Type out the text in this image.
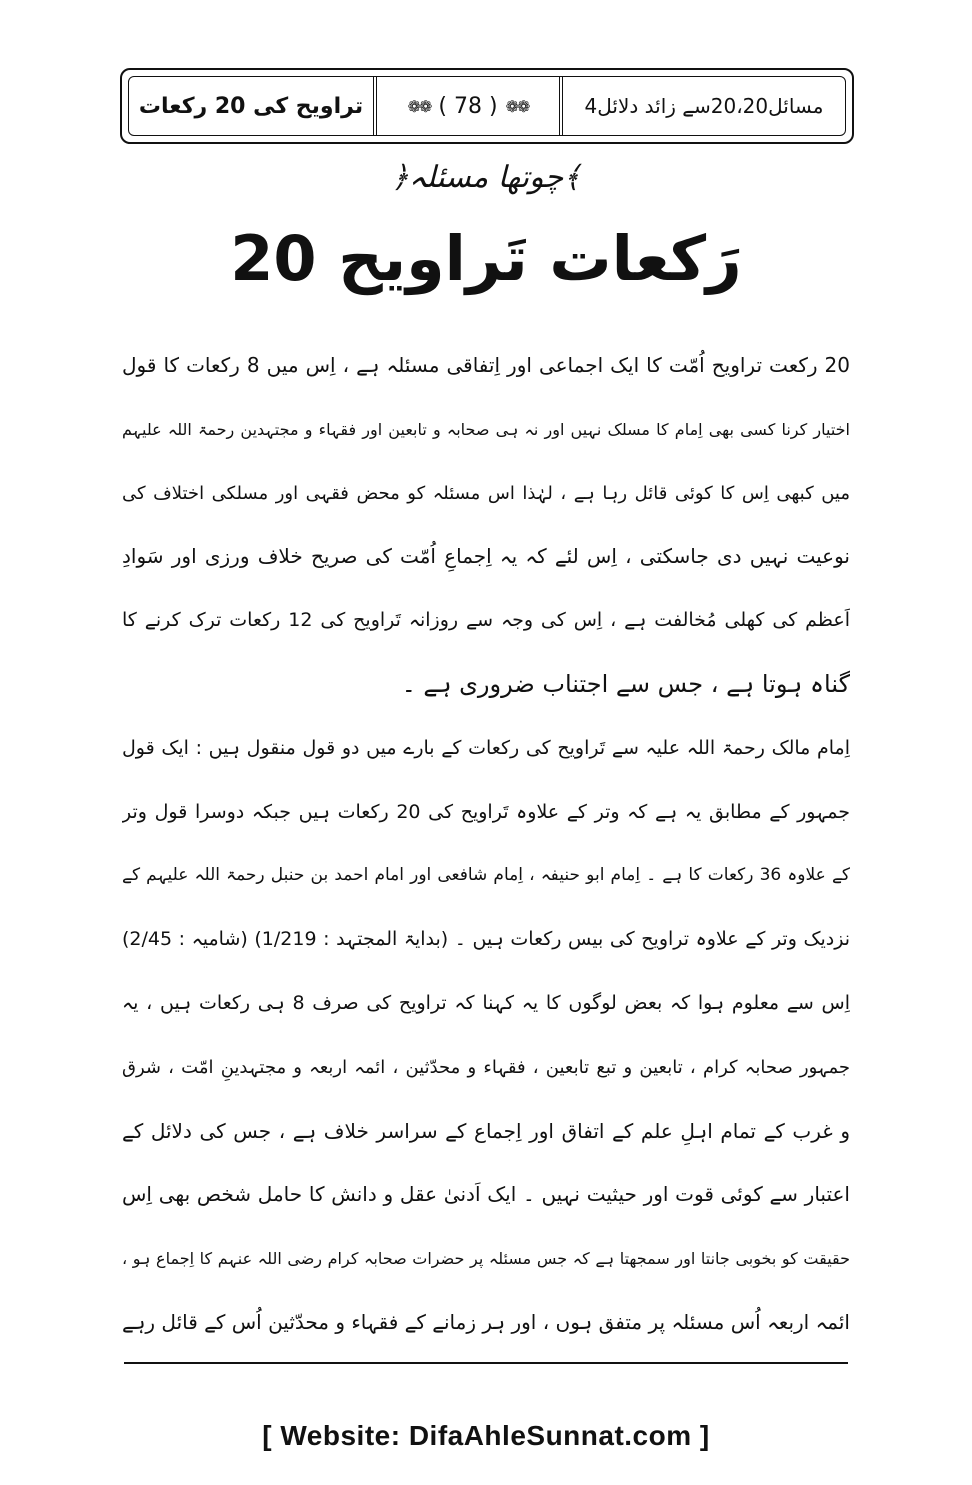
تراویح کی 20 رکعات	❁❁ ( 78 ) ❁❁	4مسائل20،20سے زائد دلائل
﴿چوتھا مسئلہ﴾
20 رَکعات تَراویح
20 رکعت تراویح اُمّت کا ایک اجماعی اور اِتفاقی مسئلہ ہے ، اِس میں 8 رکعات کا قول
اختیار کرنا کسی بھی اِمام کا مسلک نہیں اور نہ ہی صحابہ و تابعین اور فقہاء و مجتہدین رحمۃ اللہ علیہم
میں کبھی اِس کا کوئی قائل رہا ہے ، لہٰذا اس مسئلہ کو محض فقہی اور مسلکی اختلاف کی
نوعیت نہیں دی جاسکتی ، اِس لئے کہ یہ اِجماعِ اُمّت کی صریح خلاف ورزی اور سَوادِ
اَعظم کی کھلی مُخالفت ہے ، اِس کی وجہ سے روزانہ تَراویح کی 12 رکعات ترک کرنے کا
گناہ ہوتا ہے ، جس سے اجتناب ضروری ہے ۔
اِمام مالک رحمۃ اللہ علیہ سے تَراویح کی رکعات کے بارے میں دو قول منقول ہیں : ایک قول
جمہور کے مطابق یہ ہے کہ وتر کے علاوہ تَراویح کی 20 رکعات ہیں جبکہ دوسرا قول وتر
کے علاوہ 36 رکعات کا ہے ۔ اِمام ابو حنیفہ ، اِمام شافعی اور امام احمد بن حنبل رحمۃ اللہ علیہم کے
نزدیک وتر کے علاوہ تراویح کی بیس رکعات ہیں ۔ (بدایۃ المجتہد : 1/219) (شامیہ : 2/45)
اِس سے معلوم ہوا کہ بعض لوگوں کا یہ کہنا کہ تراویح کی صرف 8 ہی رکعات ہیں ، یہ
جمہور صحابہ کرام ، تابعین و تبع تابعین ، فقہاء و محدّثین ، ائمہ اربعہ و مجتہدینِ امّت ، شرق
و غرب کے تمام اہلِ علم کے اتفاق اور اِجماع کے سراسر خلاف ہے ، جس کی دلائل کے
اعتبار سے کوئی قوت اور حیثیت نہیں ۔ ایک اَدنیٰ عقل و دانش کا حامل شخص بھی اِس
حقیقت کو بخوبی جانتا اور سمجھتا ہے کہ جس مسئلہ پر حضرات صحابہ کرام رضی اللہ عنہم کا اِجماع ہو ،
ائمہ اربعہ اُس مسئلہ پر متفق ہوں ، اور ہر زمانے کے فقہاء و محدّثین اُس کے قائل رہے
[ Website: DifaAhleSunnat.com ]
